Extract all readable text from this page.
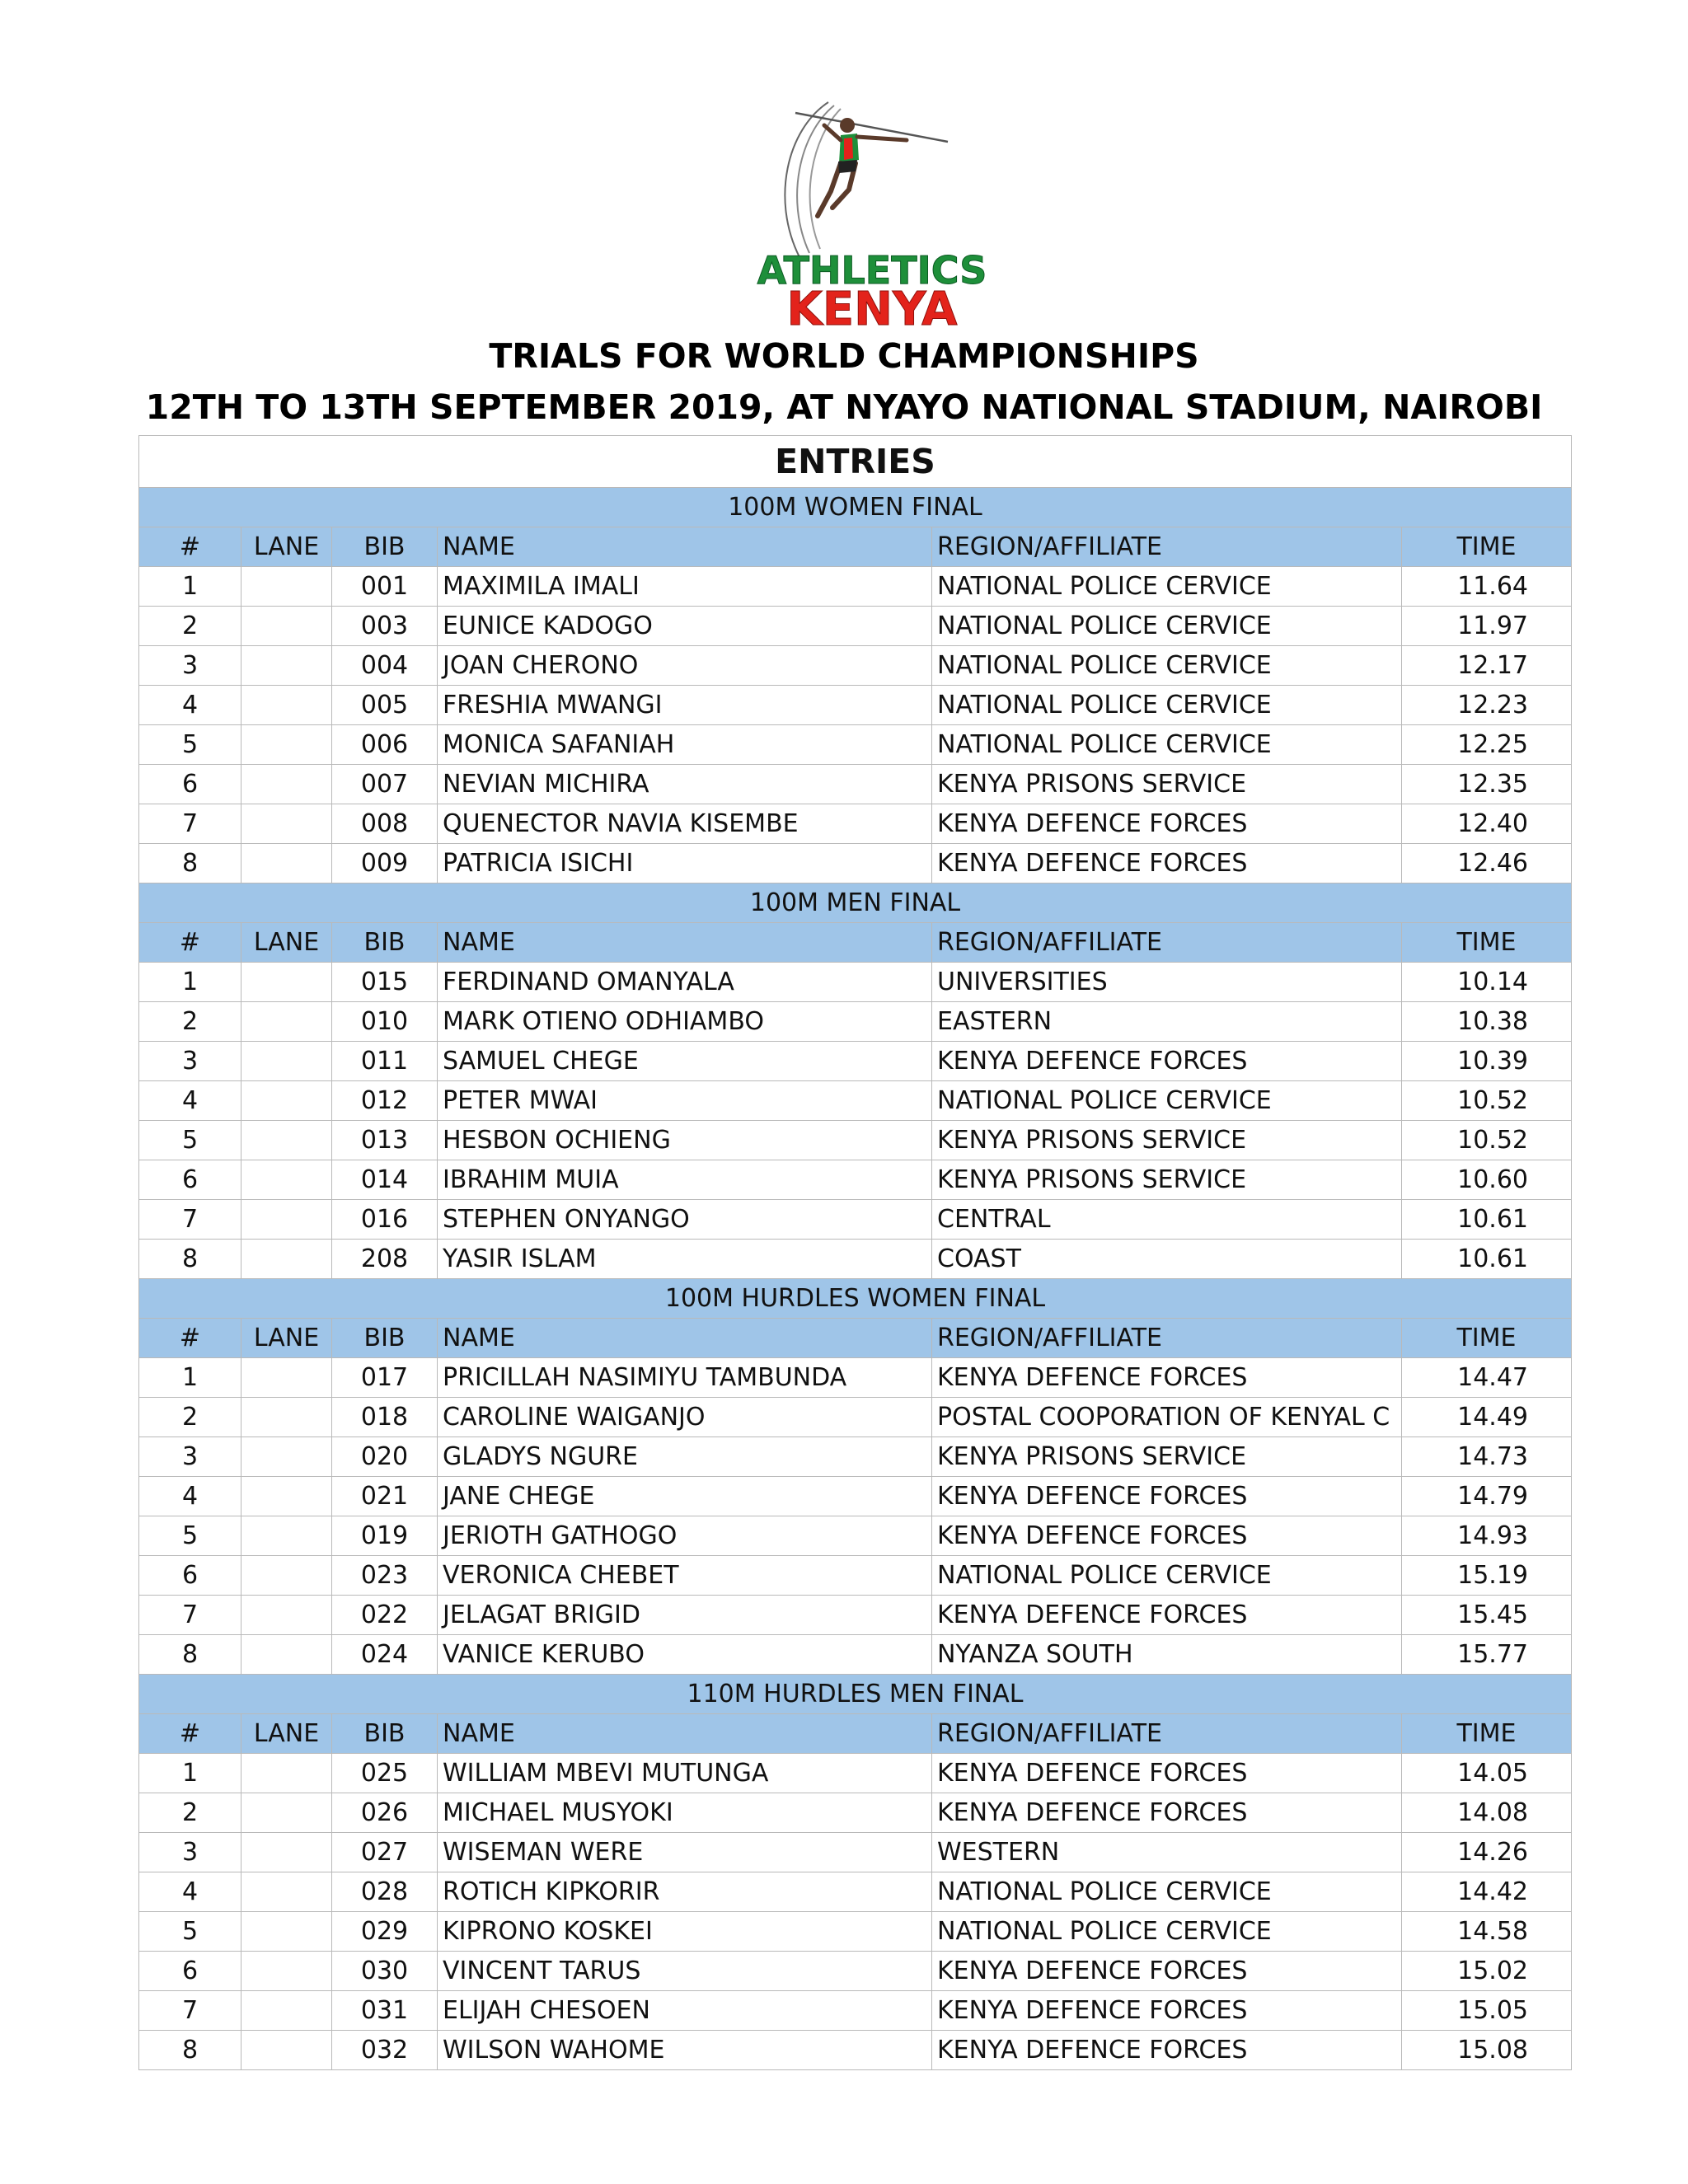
TRIALS FOR WORLD CHAMPIONSHIPS
12TH TO 13TH SEPTEMBER 2019, AT NYAYO NATIONAL STADIUM, NAIROBI
ENTRIES					
100M WOMEN FINAL					
#	LANE	BIB	NAME	REGION/AFFILIATE	TIME
1		001	MAXIMILA IMALI	NATIONAL POLICE CERVICE	11.64
2		003	EUNICE KADOGO	NATIONAL POLICE CERVICE	11.97
3		004	JOAN CHERONO	NATIONAL POLICE CERVICE	12.17
4		005	FRESHIA MWANGI	NATIONAL POLICE CERVICE	12.23
5		006	MONICA SAFANIAH	NATIONAL POLICE CERVICE	12.25
6		007	NEVIAN MICHIRA	KENYA PRISONS SERVICE	12.35
7		008	QUENECTOR NAVIA KISEMBE	KENYA DEFENCE FORCES	12.40
8		009	PATRICIA ISICHI	KENYA DEFENCE FORCES	12.46
100M MEN FINAL					
#	LANE	BIB	NAME	REGION/AFFILIATE	TIME
1		015	FERDINAND OMANYALA	UNIVERSITIES	10.14
2		010	MARK OTIENO ODHIAMBO	EASTERN	10.38
3		011	SAMUEL CHEGE	KENYA DEFENCE FORCES	10.39
4		012	PETER MWAI	NATIONAL POLICE CERVICE	10.52
5		013	HESBON OCHIENG	KENYA PRISONS SERVICE	10.52
6		014	IBRAHIM MUIA	KENYA PRISONS SERVICE	10.60
7		016	STEPHEN ONYANGO	CENTRAL	10.61
8		208	YASIR ISLAM	COAST	10.61
100M HURDLES WOMEN FINAL					
#	LANE	BIB	NAME	REGION/AFFILIATE	TIME
1		017	PRICILLAH NASIMIYU TAMBUNDA	KENYA DEFENCE FORCES	14.47
2		018	CAROLINE WAIGANJO	POSTAL COOPORATION OF KENYAL C	14.49
3		020	GLADYS NGURE	KENYA PRISONS SERVICE	14.73
4		021	JANE CHEGE	KENYA DEFENCE FORCES	14.79
5		019	JERIOTH GATHOGO	KENYA DEFENCE FORCES	14.93
6		023	VERONICA CHEBET	NATIONAL POLICE CERVICE	15.19
7		022	JELAGAT BRIGID	KENYA DEFENCE FORCES	15.45
8		024	VANICE KERUBO	NYANZA SOUTH	15.77
110M HURDLES MEN FINAL					
#	LANE	BIB	NAME	REGION/AFFILIATE	TIME
1		025	WILLIAM MBEVI MUTUNGA	KENYA DEFENCE FORCES	14.05
2		026	MICHAEL MUSYOKI	KENYA DEFENCE FORCES	14.08
3		027	WISEMAN WERE	WESTERN	14.26
4		028	ROTICH KIPKORIR	NATIONAL POLICE CERVICE	14.42
5		029	KIPRONO KOSKEI	NATIONAL POLICE CERVICE	14.58
6		030	VINCENT TARUS	KENYA DEFENCE FORCES	15.02
7		031	ELIJAH CHESOEN	KENYA DEFENCE FORCES	15.05
8		032	WILSON WAHOME	KENYA DEFENCE FORCES	15.08
ATHLETICS
KENYA
